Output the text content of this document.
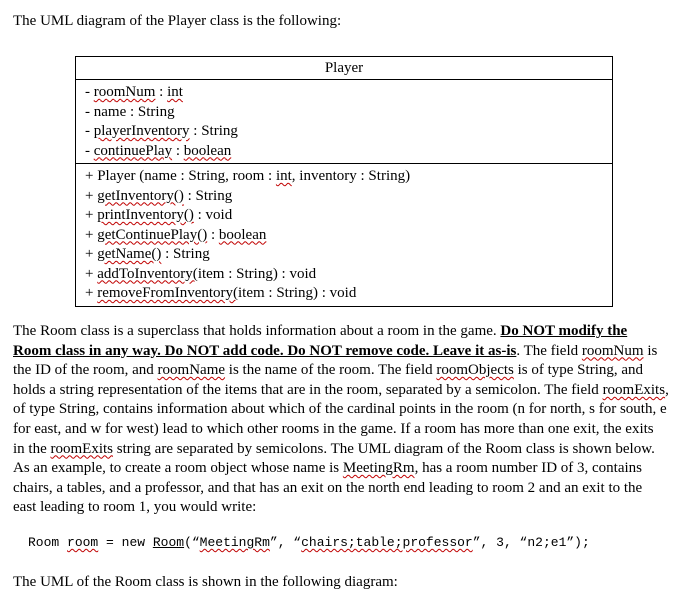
The UML diagram of the Player class is the following:

Player
- roomNum : int
- name : String
- playerInventory : String
- continuePlay : boolean
+ Player (name : String, room : int, inventory : String)
+ getInventory() : String
+ printInventory() : void
+ getContinuePlay() : boolean
+ getName() : String
+ addToInventory(item : String) : void
+ removeFromInventory(item : String) : void

The Room class is a superclass that holds information about a room in the game. Do NOT modify the Room class in any way. Do NOT add code. Do NOT remove code. Leave it as-is. The field roomNum is the ID of the room, and roomName is the name of the room. The field roomObjects is of type String, and holds a string representation of the items that are in the room, separated by a semicolon. The field roomExits, of type String, contains information about which of the cardinal points in the room (n for north, s for south, e for east, and w for west) lead to which other rooms in the game. If a room has more than one exit, the exits in the roomExits string are separated by semicolons. The UML diagram of the Room class is shown below. As an example, to create a room object whose name is MeetingRm, has a room number ID of 3, contains chairs, a tables, and a professor, and that has an exit on the north end leading to room 2 and an exit to the east leading to room 1, you would write:

Room room = new Room(“MeetingRm”, “chairs;table;professor”, 3, “n2;e1”);

The UML of the Room class is shown in the following diagram:
